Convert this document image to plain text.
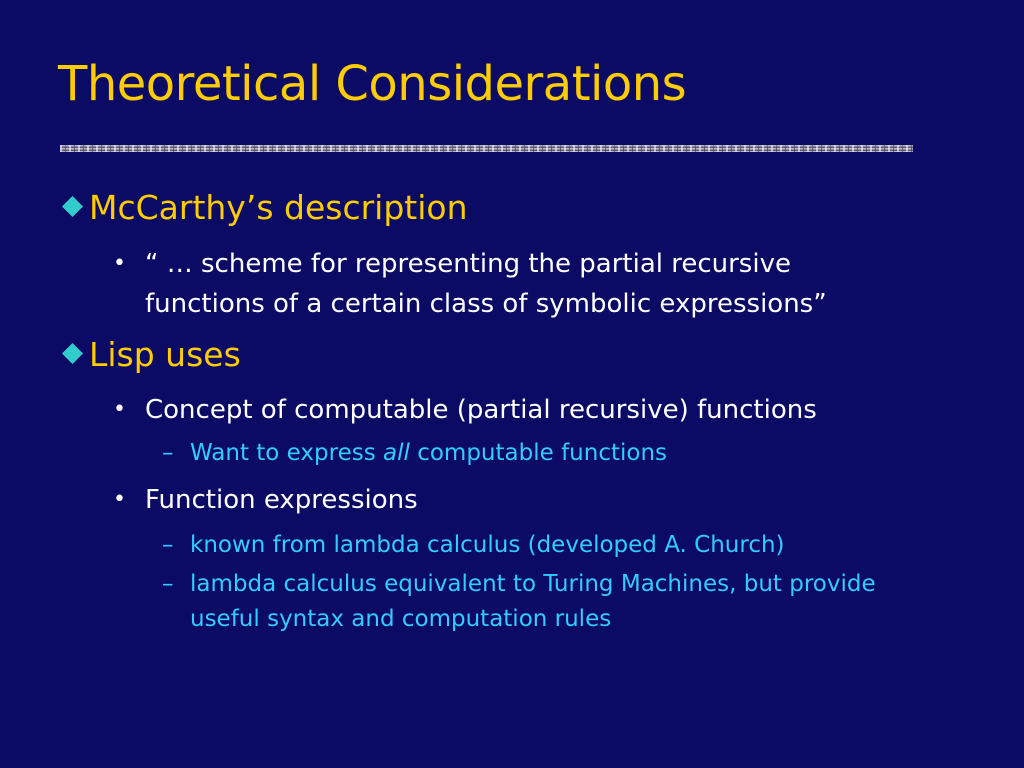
Theoretical Considerations
McCarthy’s description
• “ … scheme for representing the partial recursive
functions of a certain class of symbolic expressions”
Lisp uses
• Concept of computable (partial recursive) functions
– Want to express all computable functions
• Function expressions
– known from lambda calculus (developed A. Church)
– lambda calculus equivalent to Turing Machines, but provide
useful syntax and computation rules
